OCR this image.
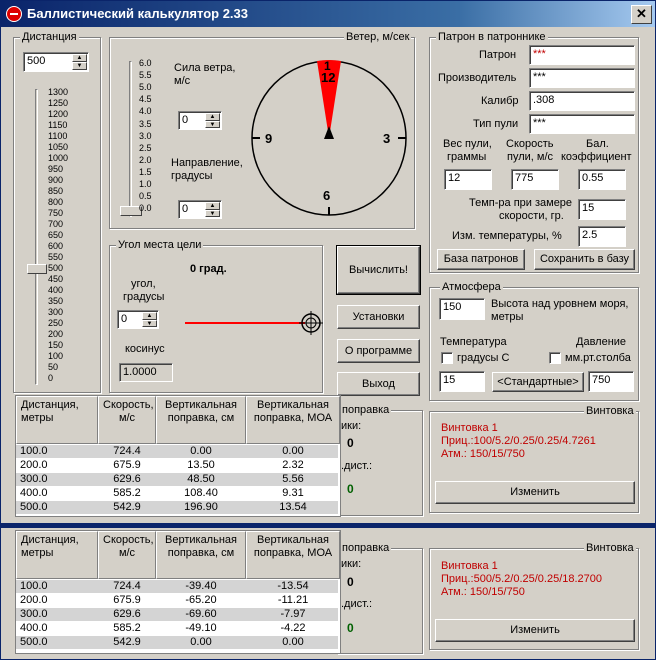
Баллистический калькулятор 2.33	✕
Дистанция
500	▲
▼
1300
1250
1200
1150
1100
1050
1000
950
900
850
800
750
700
650
600
550
500
450
400
350
300
250
200
150
100
50
0
Ветер, м/сек
6.0
5.5
5.0
4.5
4.0
3.5
3.0
2.5
2.0
1.5
1.0
0.5
0.0
Сила ветра,
м/с
0	▲
▼
Направление,
градусы
0	▲
▼
1
12
3
6
9
Угол места цели
0 град.
угол,
градусы
0	▲
▼
косинус
1.0000
Вычислить!
Установки
О программе
Выход
Патрон в патроннике
Патрон	***
Производитель	***
Калибр	.308
Тип пули	***
Вес пули,
граммы
Скорость
пули, м/с
Бал.
коэффициент
12	775	0.55
Темп-ра при замере
скорости, гр.
15
Изм. температуры, %	2.5
База патронов	Сохранить в базу
Атмосфера
150	Высота над уровнем моря,
метры
Температура	Давление
градусы С	мм.рт.столба
15	<Стандартные>	750
поправка
ики:
0
.дист.:
0
Винтовка
Винтовка 1
Приц.:100/5.2/0.25/0.25/4.7261
Атм.: 150/15/750
Изменить
Дистанция, метры
Скорость, м/с
Вертикальная поправка, см
Вертикальная поправка, МОА
100.0	724.4	0.00	0.00
200.0	675.9	13.50	2.32
300.0	629.6	48.50	5.56
400.0	585.2	108.40	9.31
500.0	542.9	196.90	13.54
поправка
ики:
0
.дист.:
0
Винтовка
Винтовка 1
Приц.:500/5.2/0.25/0.25/18.2700
Атм.: 150/15/750
Изменить
Дистанция, метры
Скорость, м/с
Вертикальная поправка, см
Вертикальная поправка, МОА
100.0	724.4	-39.40	-13.54
200.0	675.9	-65.20	-11.21
300.0	629.6	-69.60	-7.97
400.0	585.2	-49.10	-4.22
500.0	542.9	0.00	0.00
